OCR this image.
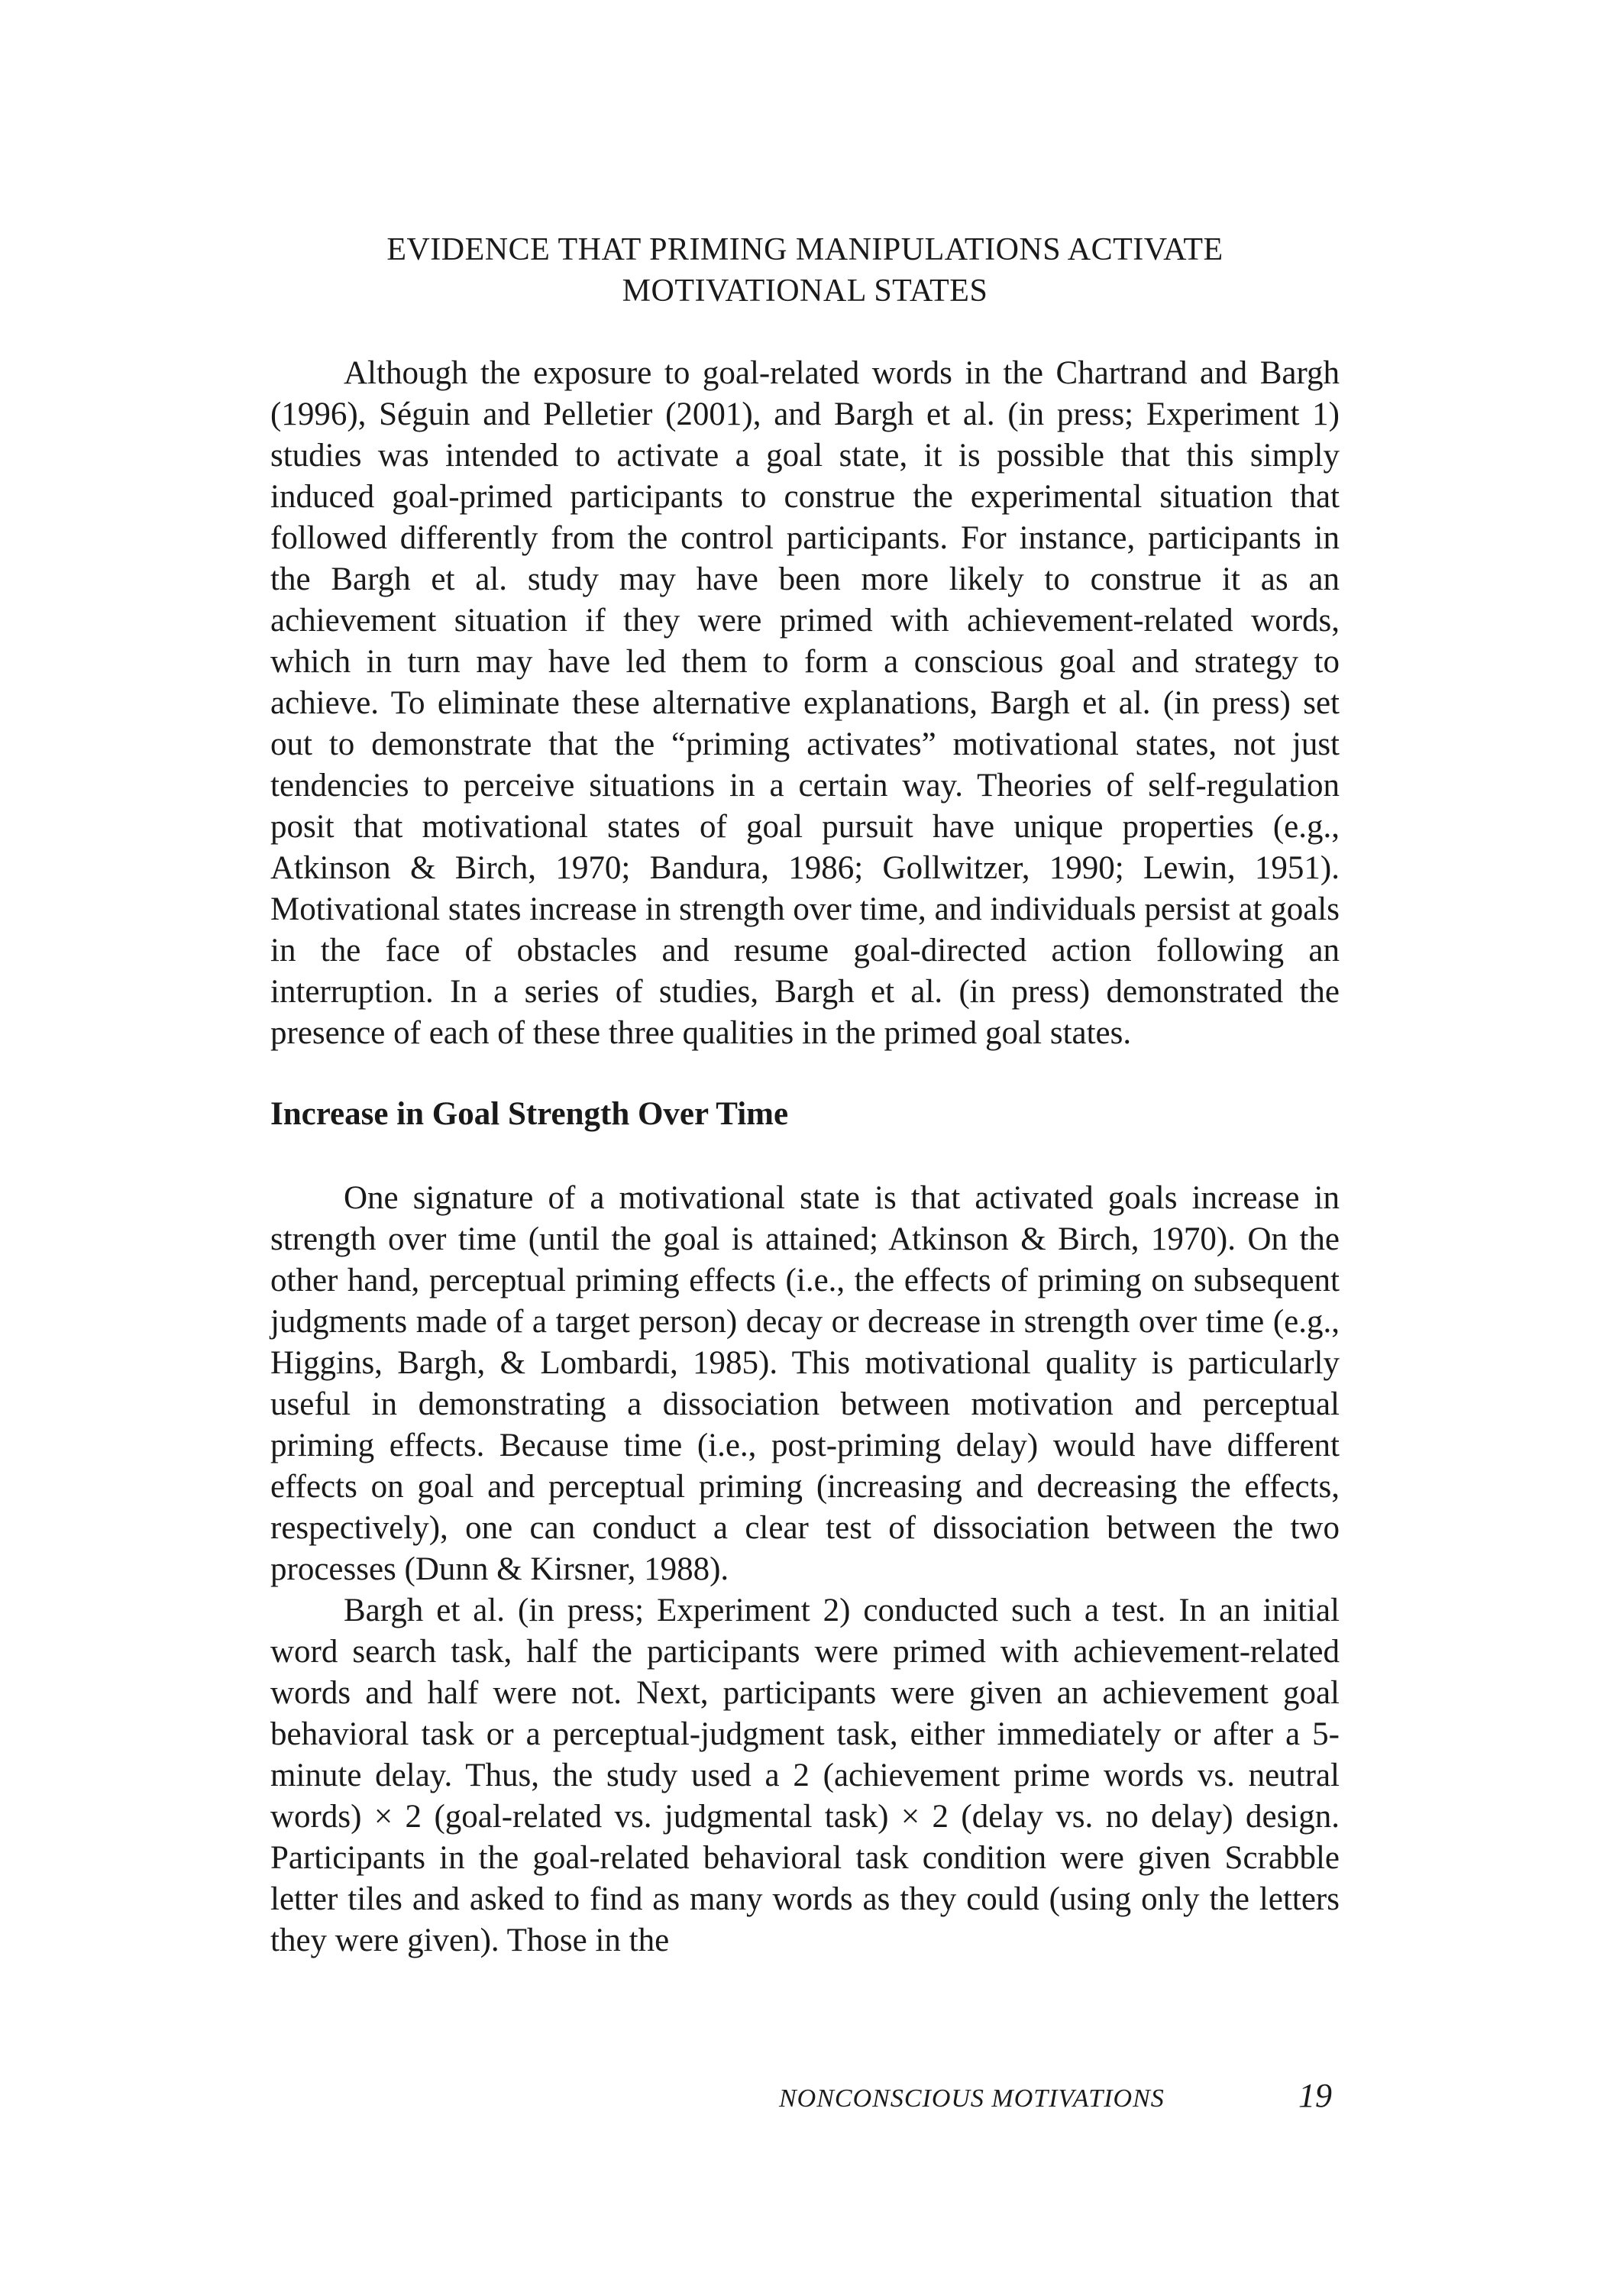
EVIDENCE THAT PRIMING MANIPULATIONS ACTIVATE
MOTIVATIONAL STATES

Although the exposure to goal-related words in the Chartrand and Bargh (1996), Séguin and Pelletier (2001), and Bargh et al. (in press; Experiment 1) studies was intended to activate a goal state, it is possible that this simply induced goal-primed participants to construe the experimental situation that followed differently from the control participants. For instance, participants in the Bargh et al. study may have been more likely to construe it as an achievement situation if they were primed with achievement-related words, which in turn may have led them to form a conscious goal and strategy to achieve. To eliminate these alternative explanations, Bargh et al. (in press) set out to demonstrate that the “priming activates” motivational states, not just tendencies to perceive situations in a certain way. Theories of self-regulation posit that motivational states of goal pursuit have unique properties (e.g., Atkinson & Birch, 1970; Bandura, 1986; Gollwitzer, 1990; Lewin, 1951). Motivational states increase in strength over time, and individuals persist at goals in the face of obstacles and resume goal-directed action following an interruption. In a series of studies, Bargh et al. (in press) demonstrated the presence of each of these three qualities in the primed goal states.

Increase in Goal Strength Over Time

One signature of a motivational state is that activated goals increase in strength over time (until the goal is attained; Atkinson & Birch, 1970). On the other hand, perceptual priming effects (i.e., the effects of priming on subsequent judgments made of a target person) decay or decrease in strength over time (e.g., Higgins, Bargh, & Lombardi, 1985). This motivational quality is particularly useful in demonstrating a dissociation between motivation and perceptual priming effects. Because time (i.e., post-priming delay) would have different effects on goal and perceptual priming (increasing and decreasing the effects, respectively), one can conduct a clear test of dissociation between the two processes (Dunn & Kirsner, 1988).

Bargh et al. (in press; Experiment 2) conducted such a test. In an initial word search task, half the participants were primed with achievement-related words and half were not. Next, participants were given an achievement goal behavioral task or a perceptual-judgment task, either immediately or after a 5-minute delay. Thus, the study used a 2 (achievement prime words vs. neutral words) × 2 (goal-related vs. judgmental task) × 2 (delay vs. no delay) design. Participants in the goal-related behavioral task condition were given Scrabble letter tiles and asked to find as many words as they could (using only the letters they were given). Those in the

NONCONSCIOUS MOTIVATIONS	19
